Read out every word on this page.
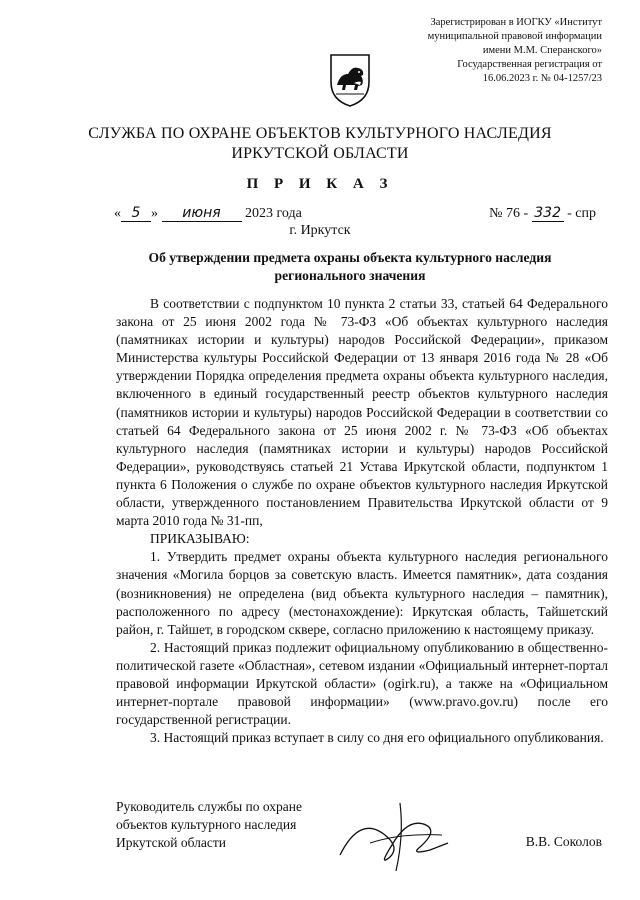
Зарегистрирован в ИОГКУ «Институт
муниципальной правовой информации
имени М.М. Сперанского»
Государственная регистрация от
16.06.2023 г. № 04-1257/23
СЛУЖБА ПО ОХРАНЕ ОБЪЕКТОВ КУЛЬТУРНОГО НАСЛЕДИЯ
ИРКУТСКОЙ ОБЛАСТИ
П Р И К А З
« 5 » июня 2023 года	№ 76 - 332 - спр
г. Иркутск
Об утверждении предмета охраны объекта культурного наследия
регионального значения

В соответствии с подпунктом 10 пункта 2 статьи 33, статьей 64 Федерального закона от 25 июня 2002 года № 73-ФЗ «Об объектах культурного наследия (памятниках истории и культуры) народов Российской Федерации», приказом Министерства культуры Российской Федерации от 13 января 2016 года № 28 «Об утверждении Порядка определения предмета охраны объекта культурного наследия, включенного в единый государственный реестр объектов культурного наследия (памятников истории и культуры) народов Российской Федерации в соответствии со статьей 64 Федерального закона от 25 июня 2002 г. № 73-ФЗ «Об объектах культурного наследия (памятниках истории и культуры) народов Российской Федерации», руководствуясь статьей 21 Устава Иркутской области, подпунктом 1 пункта 6 Положения о службе по охране объектов культурного наследия Иркутской области, утвержденного постановлением Правительства Иркутской области от 9 марта 2010 года № 31-пп,

ПРИКАЗЫВАЮ:

1. Утвердить предмет охраны объекта культурного наследия регионального значения «Могила борцов за советскую власть. Имеется памятник», дата создания (возникновения) не определена (вид объекта культурного наследия – памятник), расположенного по адресу (местонахождение): Иркутская область, Тайшетский район, г. Тайшет, в городском сквере, согласно приложению к настоящему приказу.

2. Настоящий приказ подлежит официальному опубликованию в общественно-политической газете «Областная», сетевом издании «Официальный интернет-портал правовой информации Иркутской области» (ogirk.ru), а также на «Официальном интернет-портале правовой информации» (www.pravo.gov.ru) после его государственной регистрации.

3. Настоящий приказ вступает в силу со дня его официального опубликования.

Руководитель службы по охране
объектов культурного наследия
Иркутской области	В.В. Соколов
